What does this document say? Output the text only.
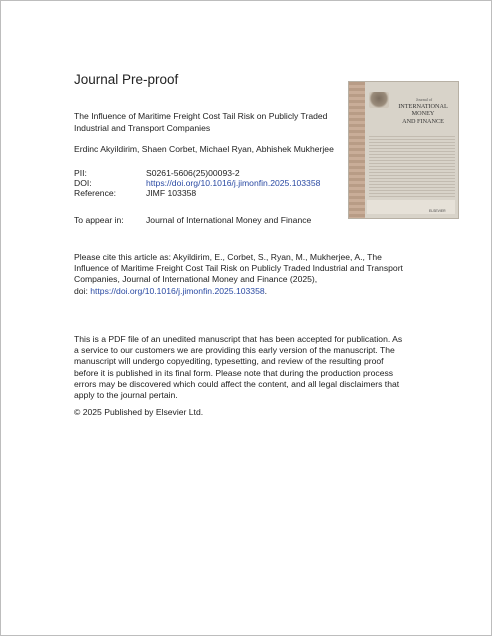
Journal Pre-proof
The Influence of Maritime Freight Cost Tail Risk on Publicly Traded
Industrial and Transport Companies
Erdinc Akyildirim, Shaen Corbet, Michael Ryan, Abhishek Mukherjee
PII:	S0261-5606(25)00093-2
DOI:	https://doi.org/10.1016/j.jimonfin.2025.103358
Reference:	JIMF 103358
To appear in:	Journal of International Money and Finance
Please cite this article as: Akyildirim, E., Corbet, S., Ryan, M., Mukherjee, A., The
Influence of Maritime Freight Cost Tail Risk on Publicly Traded Industrial and Transport
Companies, Journal of International Money and Finance (2025),
doi: https://doi.org/10.1016/j.jimonfin.2025.103358.
This is a PDF file of an unedited manuscript that has been accepted for publication. As
a service to our customers we are providing this early version of the manuscript. The
manuscript will undergo copyediting, typesetting, and review of the resulting proof
before it is published in its final form. Please note that during the production process
errors may be discovered which could affect the content, and all legal disclaimers that
apply to the journal pertain.
© 2025 Published by Elsevier Ltd.
Journal of
INTERNATIONAL
MONEY
AND FINANCE
ELSEVIER
